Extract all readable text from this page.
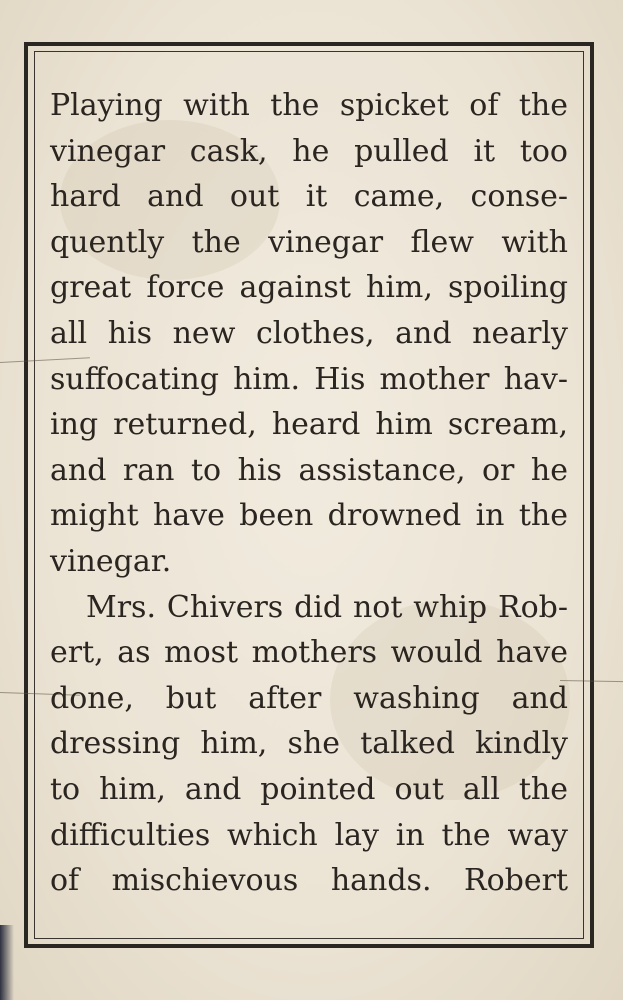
Playing with the spicket of the
vinegar cask, he pulled it too
hard and out it came, conse-
quently the vinegar flew with
great force against him, spoiling
all his new clothes, and nearly
suffocating him. His mother hav-
ing returned, heard him scream,
and ran to his assistance, or he
might have been drowned in the
vinegar.
Mrs. Chivers did not whip Rob-
ert, as most mothers would have
done, but after washing and
dressing him, she talked kindly
to him, and pointed out all the
difficulties which lay in the way
of mischievous hands. Robert
